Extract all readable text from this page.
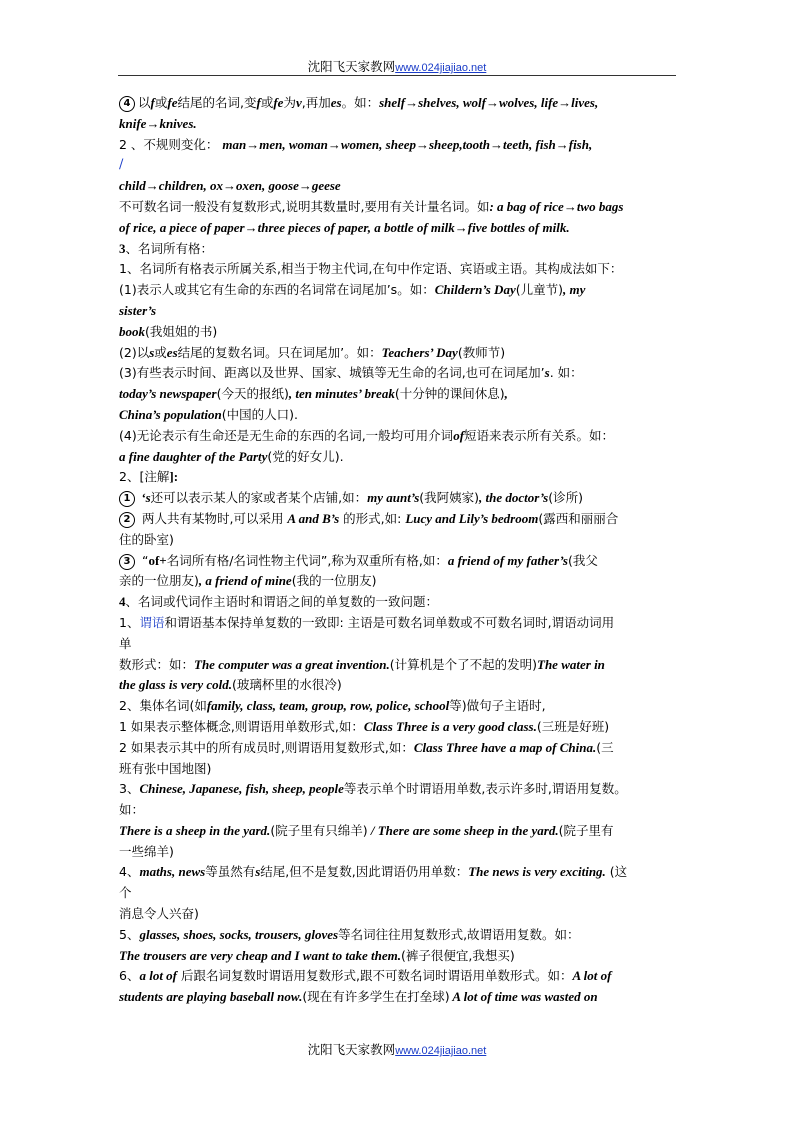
沈阳飞天家教网www.024jiajiao.net
4 以f或fe结尾的名词,变f或fe为v,再加es。如：shelf→shelves, wolf→wolves, life→lives,
knife→knives.
2 、不规则变化： man→men, woman→women, sheep→sheep,tooth→teeth, fish→fish,
/
child→children, ox→oxen, goose→geese
不可数名词一般没有复数形式,说明其数量时,要用有关计量名词。如: a bag of rice→two bags
of rice, a piece of paper→three pieces of paper, a bottle of milk→five bottles of milk.
3、名词所有格：
1、名词所有格表示所属关系,相当于物主代词,在句中作定语、宾语或主语。其构成法如下：
(1)表示人或其它有生命的东西的名词常在词尾加’s。如：Childern’s Day(儿童节), my
sister’s
book(我姐姐的书)
(2)以s或es结尾的复数名词。只在词尾加’。如：Teachers’ Day(教师节)
(3)有些表示时间、距离以及世界、国家、城镇等无生命的名词,也可在词尾加’s. 如：
today’s newspaper(今天的报纸), ten minutes’ break(十分钟的课间休息),
China’s population(中国的人口).
(4)无论表示有生命还是无生命的东西的名词,一般均可用介词of短语来表示所有关系。如：
a fine daughter of the Party(党的好女儿).
2、[注解]:
1 ‘s还可以表示某人的家或者某个店铺,如：my aunt’s(我阿姨家), the doctor’s(诊所)
2 两人共有某物时,可以采用 A and B’s 的形式,如: Lucy and Lily’s bedroom(露西和丽丽合
住的卧室)
3 “of+名词所有格/名词性物主代词”,称为双重所有格,如：a friend of my father’s(我父
亲的一位朋友), a friend of mine(我的一位朋友)
4、名词或代词作主语时和谓语之间的单复数的一致问题：
1、谓语和谓语基本保持单复数的一致即: 主语是可数名词单数或不可数名词时,谓语动词用
单
数形式：如：The computer was a great invention.(计算机是个了不起的发明)The water in
the glass is very cold.(玻璃杯里的水很冷)
2、集体名词(如family, class, team, group, row, police, school等)做句子主语时,
1 如果表示整体概念,则谓语用单数形式,如：Class Three is a very good class.(三班是好班)
2 如果表示其中的所有成员时,则谓语用复数形式,如：Class Three have a map of China.(三
班有张中国地图)
3、Chinese, Japanese, fish, sheep, people等表示单个时谓语用单数,表示许多时,谓语用复数。
如：
There is a sheep in the yard.(院子里有只绵羊) / There are some sheep in the yard.(院子里有
一些绵羊)
4、maths, news等虽然有s结尾,但不是复数,因此谓语仍用单数：The news is very exciting. (这
个
消息令人兴奋)
5、glasses, shoes, socks, trousers, gloves等名词往往用复数形式,故谓语用复数。如：
The trousers are very cheap and I want to take them.(裤子很便宜,我想买)
6、a lot of 后跟名词复数时谓语用复数形式,跟不可数名词时谓语用单数形式。如：A lot of
students are playing baseball now.(现在有许多学生在打垒球) A lot of time was wasted on
沈阳飞天家教网www.024jiajiao.net
